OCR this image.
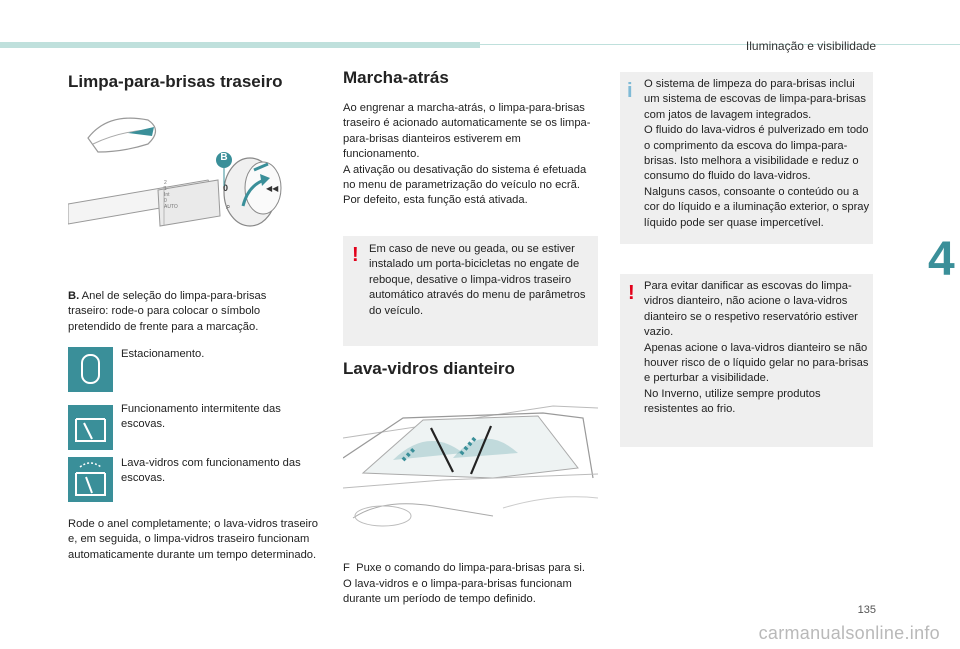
Iluminação e visibilidade
4
Limpa-para-brisas traseiro
0
⌕
◀◀
B
2
1
Int
0
AUTO

B. Anel de seleção do limpa-para-brisas traseiro: rode-o para colocar o símbolo pretendido de frente para a marcação.

Estacionamento.

Funcionamento intermitente das escovas.

Lava-vidros com funcionamento das escovas.

Rode o anel completamente; o lava-vidros traseiro e, em seguida, o limpa-vidros traseiro funcionam automaticamente durante um tempo determinado.

Marcha-atrás

Ao engrenar a marcha-atrás, o limpa-para-brisas traseiro é acionado automaticamente se os limpa-para-brisas dianteiros estiverem em funcionamento.
A ativação ou desativação do sistema é efetuada no menu de parametrização do veículo no ecrã.
Por defeito, esta função está ativada.

! Em caso de neve ou geada, ou se estiver instalado um porta-bicicletas no engate de reboque, desative o limpa-vidros traseiro automático através do menu de parâmetros do veículo.

Lava-vidros dianteiro

F Puxe o comando do limpa-para-brisas para si.

O lava-vidros e o limpa-para-brisas funcionam durante um período de tempo definido.

i O sistema de limpeza do para-brisas inclui um sistema de escovas de limpa-para-brisas com jatos de lavagem integrados.
O fluido do lava-vidros é pulverizado em todo o comprimento da escova do limpa-para-brisas. Isto melhora a visibilidade e reduz o consumo do fluido do lava-vidros.
Nalguns casos, consoante o conteúdo ou a cor do líquido e a iluminação exterior, o spray líquido pode ser quase impercetível.

! Para evitar danificar as escovas do limpa-vidros dianteiro, não acione o lava-vidros dianteiro se o respetivo reservatório estiver vazio.
Apenas acione o lava-vidros dianteiro se não houver risco de o líquido gelar no para-brisas e perturbar a visibilidade.
No Inverno, utilize sempre produtos resistentes ao frio.

135
carmanualsonline.info
